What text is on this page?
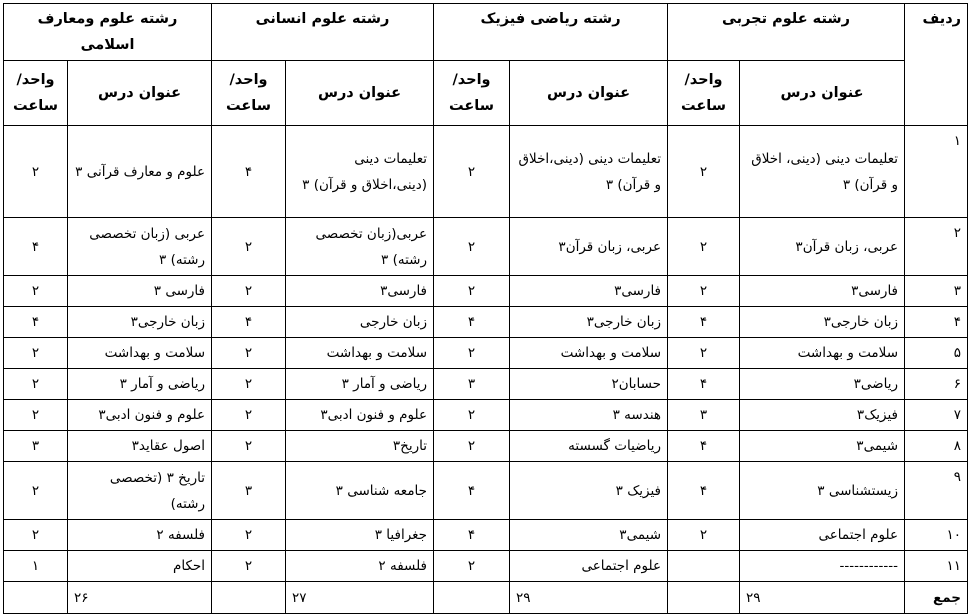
ردیف	رشته علوم تجربی		رشته ریاضی فیزیک		رشته علوم انسانی		رشته علوم ومعارف اسلامی	
	عنوان درس	واحد/ ساعت	عنوان درس	واحد/ ساعت	عنوان درس	واحد/ ساعت	عنوان درس	واحد/ ساعت
۱	تعلیمات دینی (دینی، اخلاق و قرآن) ۳	۲	تعلیمات دینی (دینی،اخلاق و قرآن) ۳	۲	تعلیمات دینی (دینی،اخلاق و قرآن) ۳	۴	علوم و معارف قرآنی ۳	۲
۲	عربی، زبان قرآن۳	۲	عربی، زبان قرآن۳	۲	عربی(زبان تخصصی رشته) ۳	۲	عربی (زبان تخصصی رشته) ۳	۴
۳	فارسی۳	۲	فارسی۳	۲	فارسی۳	۲	فارسی ۳	۲
۴	زبان خارجی۳	۴	زبان خارجی۳	۴	زبان خارجی	۴	زبان خارجی۳	۴
۵	سلامت و بهداشت	۲	سلامت و بهداشت	۲	سلامت و بهداشت	۲	سلامت و بهداشت	۲
۶	ریاضی۳	۴	حسابان۲	۳	ریاضی و آمار ۳	۲	ریاضی و آمار ۳	۲
۷	فیزیک۳	۳	هندسه ۳	۲	علوم و فنون ادبی۳	۲	علوم و فنون ادبی۳	۲
۸	شیمی۳	۴	ریاضیات گسسته	۲	تاریخ۳	۲	اصول عقاید۳	۳
۹	زیستشناسی ۳	۴	فیزیک ۳	۴	جامعه شناسی ۳	۳	تاریخ ۳ (تخصصی رشته)	۲
۱۰	علوم اجتماعی	۲	شیمی۳	۴	جغرافیا ۳	۲	فلسفه ۲	۲
۱۱	------------		علوم اجتماعی	۲	فلسفه ۲	۲	احکام	۱
جمع	۲۹		۲۹		۲۷		۲۶	
